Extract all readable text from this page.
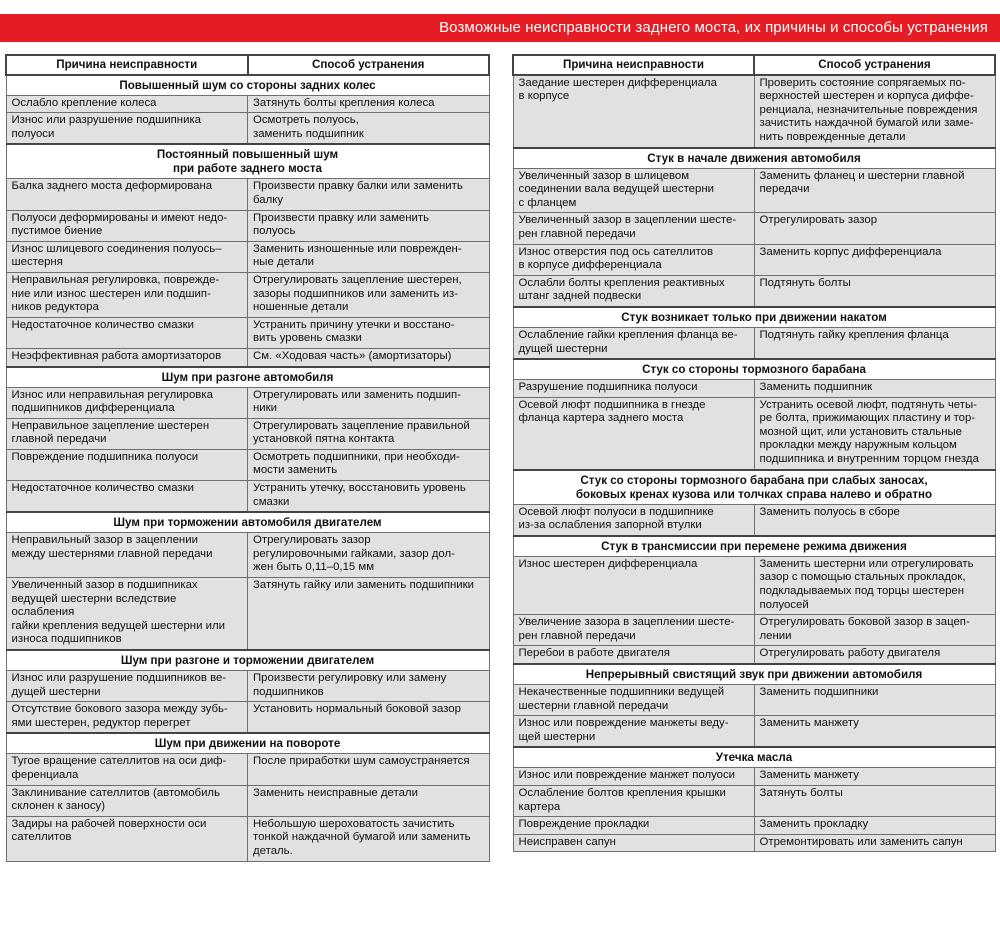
Возможные неисправности заднего моста, их причины и способы устранения
Причина неисправности	Способ устранения
Повышенный шум со стороны задних колес	
Ослабло крепление колеса	Затянуть болты крепления колеса
Износ или разрушение подшипника
полуоси	Осмотреть полуось,
заменить подшипник
Постоянный повышенный шум
при работе заднего моста	
Балка заднего моста деформирована	Произвести правку балки или заменить
балку
Полуоси деформированы и имеют недо-
пустимое биение	Произвести правку или заменить
полуось
Износ шлицевого соединения полуось–
шестерня	Заменить изношенные или поврежден-
ные детали
Неправильная регулировка, поврежде-
ние или износ шестерен или подшип-
ников редуктора	Отрегулировать зацепление шестерен,
зазоры подшипников или заменить из-
ношенные детали
Недостаточное количество смазки	Устранить причину утечки и восстано-
вить уровень смазки
Неэффективная работа амортизаторов	См. «Ходовая часть» (амортизаторы)
Шум при разгоне автомобиля	
Износ или неправильная регулировка
подшипников дифференциала	Отрегулировать или заменить подшип-
ники
Неправильное зацепление шестерен
главной передачи	Отрегулировать зацепление правильной
установкой пятна контакта
Повреждение подшипника полуоси	Осмотреть подшипники, при необходи-
мости заменить
Недостаточное количество смазки	Устранить утечку, восстановить уровень
смазки
Шум при торможении автомобиля двигателем	
Неправильный зазор в зацеплении
между шестернями главной передачи	Отрегулировать зазор
регулировочными гайками, зазор дол-
жен быть 0,11–0,15 мм
Увеличенный зазор в подшипниках ведущей шестерни вследствие ослабления
гайки крепления ведущей шестерни или
износа подшипников	Затянуть гайку или заменить подшипники
Шум при разгоне и торможении двигателем	
Износ или разрушение подшипников ве-
дущей шестерни	Произвести регулировку или замену
подшипников
Отсутствие бокового зазора между зубь-
ями шестерен, редуктор перегрет	Установить нормальный боковой зазор
Шум при движении на повороте	
Тугое вращение сателлитов на оси диф-
ференциала	После приработки шум самоустраняется
Заклинивание сателлитов (автомобиль
склонен к заносу)	Заменить неисправные детали
Задиры на рабочей поверхности оси
сателлитов	Небольшую шероховатость зачистить
тонкой наждачной бумагой или заменить
деталь.
Причина неисправности	Способ устранения
Заедание шестерен дифференциала
в корпусе	Проверить состояние сопрягаемых по-
верхностей шестерен и корпуса диффе-
ренциала, незначительные повреждения
зачистить наждачной бумагой или заме-
нить поврежденные детали
Стук в начале движения автомобиля	
Увеличенный зазор в шлицевом
соединении вала ведущей шестерни
с фланцем	Заменить фланец и шестерни главной
передачи
Увеличенный зазор в зацеплении шесте-
рен главной передачи	Отрегулировать зазор
Износ отверстия под ось сателлитов
в корпусе дифференциала	Заменить корпус дифференциала
Ослабли болты крепления реактивных
штанг задней подвески	Подтянуть болты
Стук возникает только при движении накатом	
Ослабление гайки крепления фланца ве-
дущей шестерни	Подтянуть гайку крепления фланца
Стук со стороны тормозного барабана	
Разрушение подшипника полуоси	Заменить подшипник
Осевой люфт подшипника в гнезде
фланца картера заднего моста	Устранить осевой люфт, подтянуть четы-
ре болта, прижимающих пластину и тор-
мозной щит, или установить стальные
прокладки между наружным кольцом
подшипника и внутренним торцом гнезда
Стук со стороны тормозного барабана при слабых заносах,
боковых кренах кузова или толчках справа налево и обратно	
Осевой люфт полуоси в подшипнике
из-за ослабления запорной втулки	Заменить полуось в сборе
Стук в трансмиссии при перемене режима движения	
Износ шестерен дифференциала	Заменить шестерни или отрегулировать
зазор с помощью стальных прокладок,
подкладываемых под торцы шестерен
полуосей
Увеличение зазора в зацеплении шесте-
рен главной передачи	Отрегулировать боковой зазор в зацеп-
лении
Перебои в работе двигателя	Отрегулировать работу двигателя
Непрерывный свистящий звук при движении автомобиля	
Некачественные подшипники ведущей
шестерни главной передачи	Заменить подшипники
Износ или повреждение манжеты веду-
щей шестерни	Заменить манжету
Утечка масла	
Износ или повреждение манжет полуоси	Заменить манжету
Ослабление болтов крепления крышки
картера	Затянуть болты
Повреждение прокладки	Заменить прокладку
Неисправен сапун	Отремонтировать или заменить сапун
